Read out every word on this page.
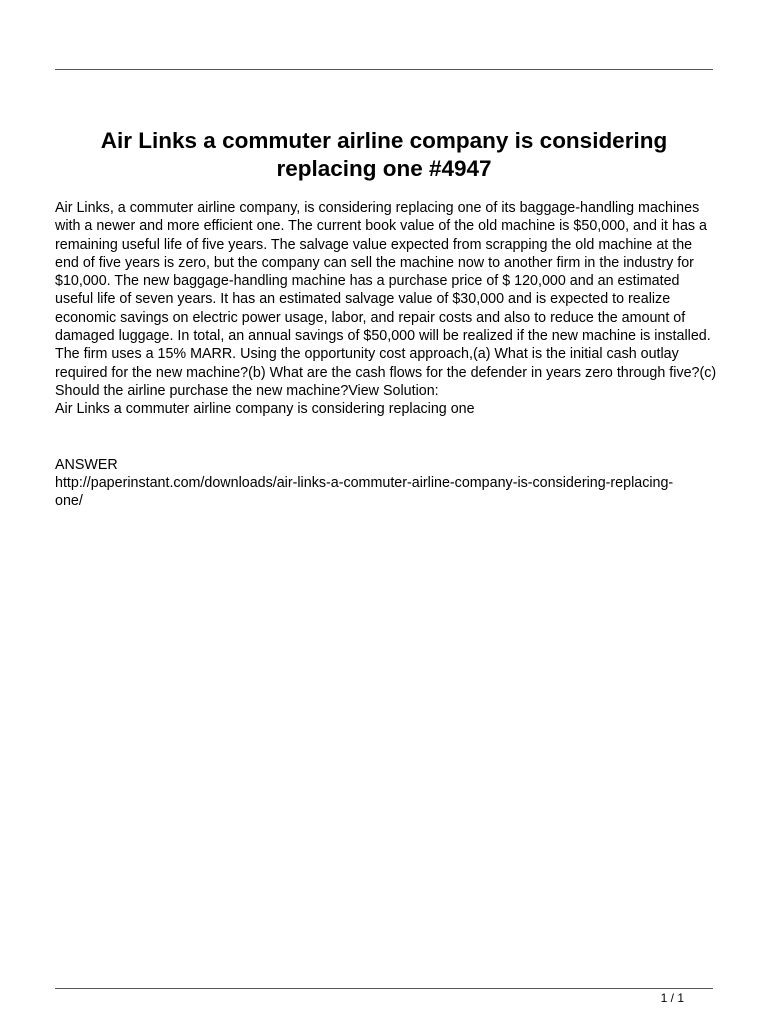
Air Links a commuter airline company is considering replacing one #4947
Air Links, a commuter airline company, is considering replacing one of its baggage-handling machines with a newer and more efficient one. The current book value of the old machine is $50,000, and it has a remaining useful life of five years. The salvage value expected from scrapping the old machine at the end of five years is zero, but the company can sell the machine now to another firm in the industry for $10,000. The new baggage-handling machine has a purchase price of $ 120,000 and an estimated useful life of seven years. It has an estimated salvage value of $30,000 and is expected to realize economic savings on electric power usage, labor, and repair costs and also to reduce the amount of damaged luggage. In total, an annual savings of $50,000 will be realized if the new machine is installed. The firm uses a 15% MARR. Using the opportunity cost approach,(a) What is the initial cash outlay required for the new machine?(b) What are the cash flows for the defender in years zero through five?(c) Should the airline purchase the new machine?View Solution:
Air Links a commuter airline company is considering replacing one
ANSWER
http://paperinstant.com/downloads/air-links-a-commuter-airline-company-is-considering-replacing-one/
1 / 1
